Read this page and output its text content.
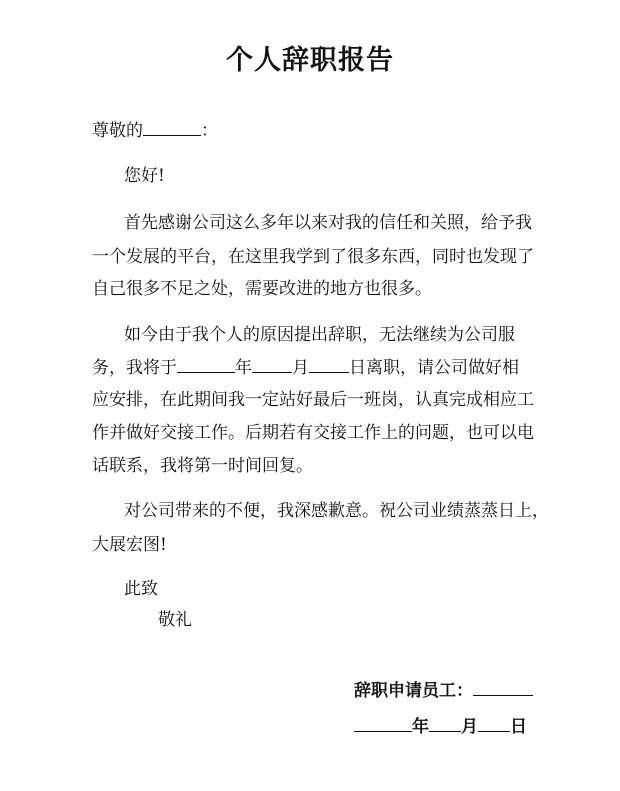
个人辞职报告
尊敬的	：
您好!
首先感谢公司这么多年以来对我的信任和关照，给予我
一个发展的平台，在这里我学到了很多东西，同时也发现了
自己很多不足之处，需要改进的地方也很多。
如今由于我个人的原因提出辞职，无法继续为公司服
务，我将于	年 月 日离职，请公司做好相
应安排，在此期间我一定站好最后一班岗，认真完成相应工
作并做好交接工作。后期若有交接工作上的问题，也可以电
话联系，我将第一时间回复。
对公司带来的不便，我深感歉意。祝公司业绩蒸蒸日上，
大展宏图!
此致
敬礼
辞职申请员工：
年 月 日
